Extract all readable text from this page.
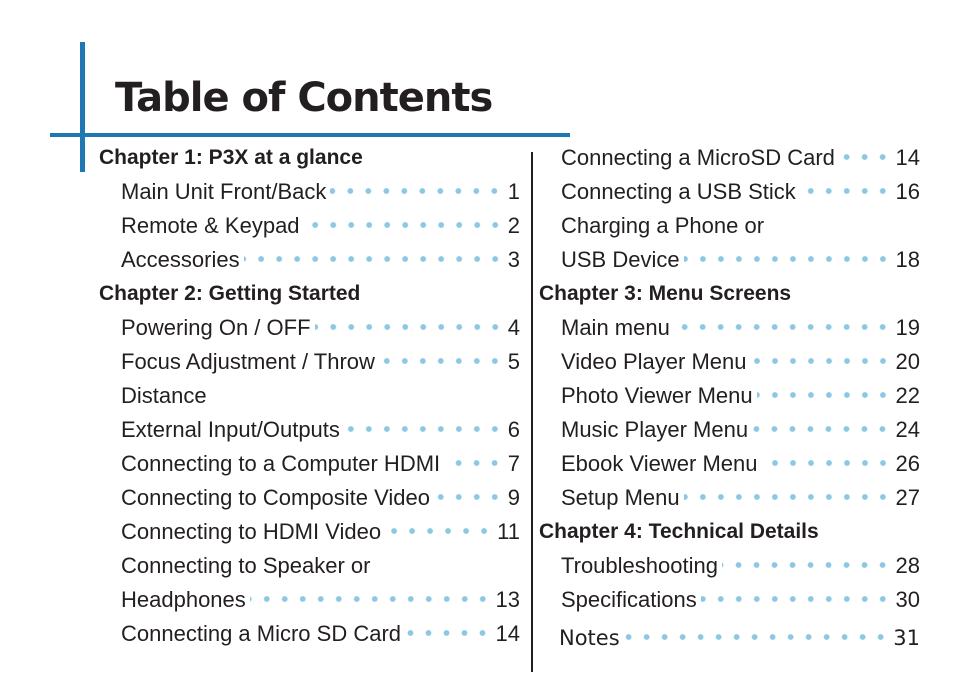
Table of Contents
Chapter 1: P3X at a glance
Main Unit Front/Back	1
Remote & Keypad	2
Accessories	3
Chapter 2: Getting Started
Powering On / OFF	4
Focus Adjustment / Throw	5
Distance
External Input/Outputs	6
Connecting to a Computer HDMI	7
Connecting to Composite Video	9
Connecting to HDMI Video	11
Connecting to Speaker or
Headphones	13
Connecting a Micro SD Card	14
Connecting a MicroSD Card	14
Connecting a USB Stick	16
Charging a Phone or
USB Device	18
Chapter 3: Menu Screens
Main menu	19
Video Player Menu	20
Photo Viewer Menu	22
Music Player Menu	24
Ebook Viewer Menu	26
Setup Menu	27
Chapter 4: Technical Details
Troubleshooting	28
Specifications	30
Notes	31
